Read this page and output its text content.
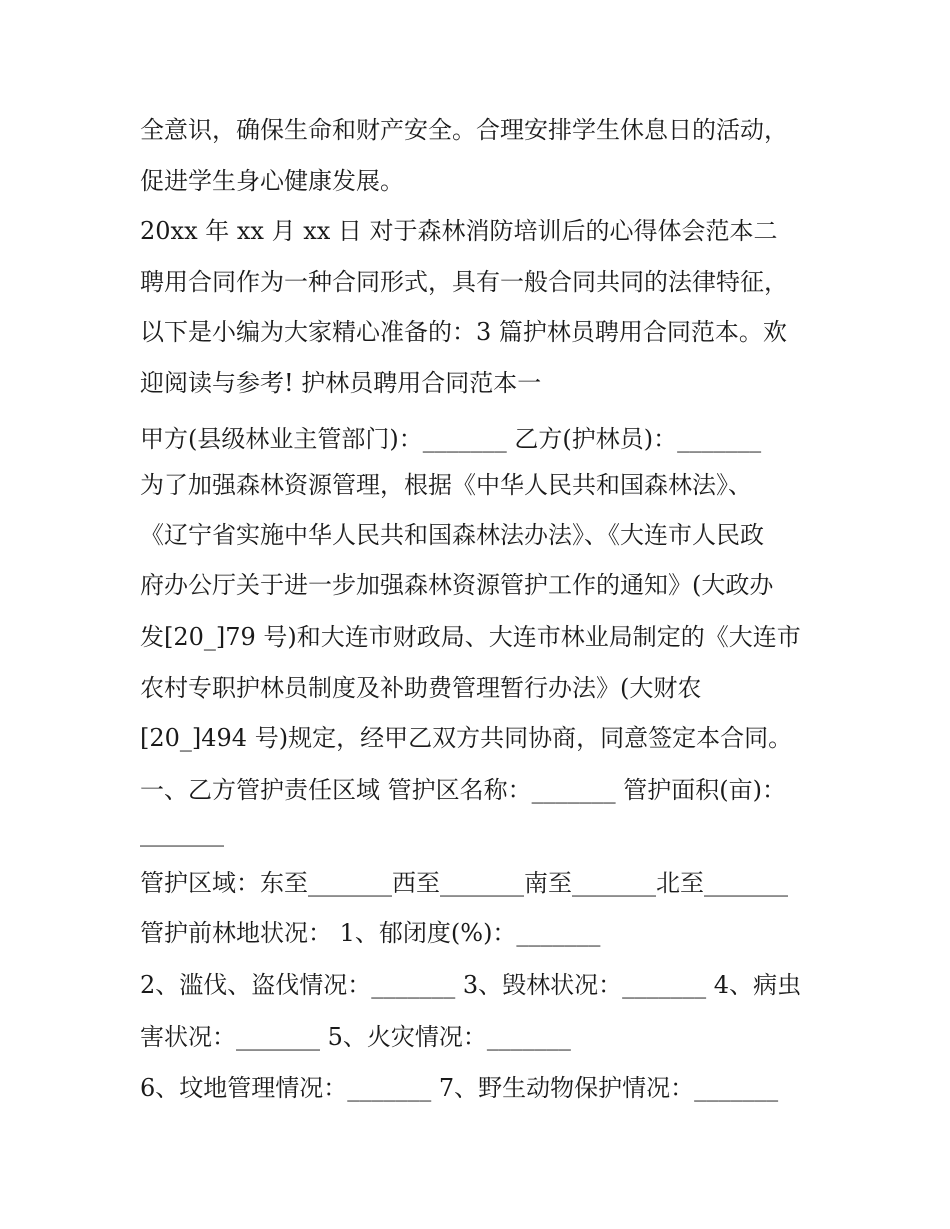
全意识，确保生命和财产安全。合理安排学生休息日的活动，
促进学生身心健康发展。
20xx 年 xx 月 xx 日 对于森林消防培训后的心得体会范本二
聘用合同作为一种合同形式，具有一般合同共同的法律特征，
以下是小编为大家精心准备的：3 篇护林员聘用合同范本。欢
迎阅读与参考! 护林员聘用合同范本一
甲方(县级林业主管部门)：_______ 乙方(护林员)：_______
为了加强森林资源管理，根据《中华人民共和国森林法》、
《辽宁省实施中华人民共和国森林法办法》、《大连市人民政
府办公厅关于进一步加强森林资源管护工作的通知》(大政办
发[20_]79 号)和大连市财政局、大连市林业局制定的《大连市
农村专职护林员制度及补助费管理暂行办法》(大财农
[20_]494 号)规定，经甲乙双方共同协商，同意签定本合同。
一、乙方管护责任区域 管护区名称：_______ 管护面积(亩)：
_______
管护区域：东至_______西至_______南至_______北至_______
管护前林地状况： 1、郁闭度(%)：_______
2、滥伐、盗伐情况：_______ 3、毁林状况：_______ 4、病虫
害状况：_______ 5、火灾情况：_______
6、坟地管理情况：_______ 7、野生动物保护情况：_______
